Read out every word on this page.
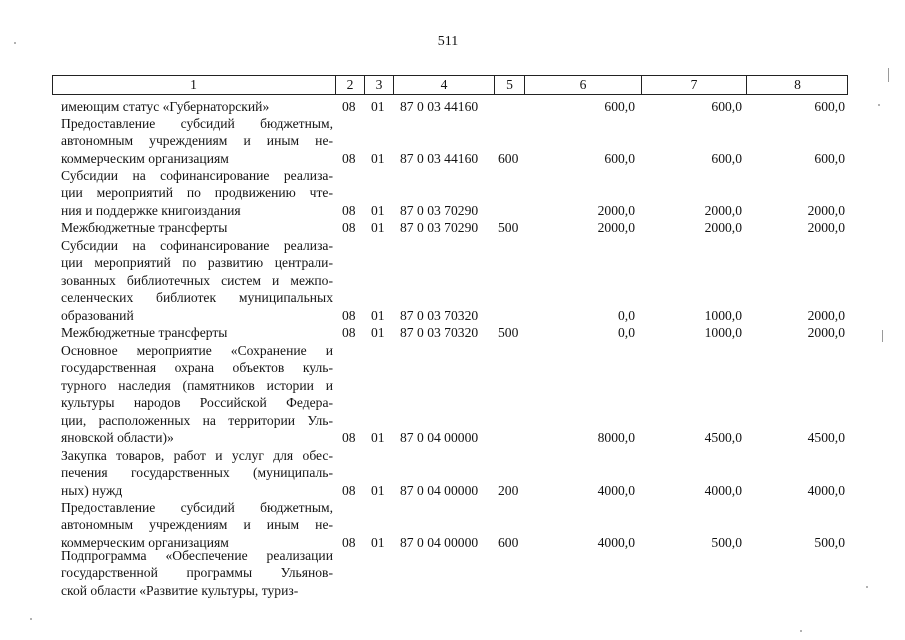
511
1	2	3	4	5	6	7	8
имеющим статус «Губернаторский»	08 01 87 0 03 44160	600,0	600,0	600,0
Предоставление субсидий бюджетным,
автономным учреждениям и иным не-
коммерческим организациям	08 01 87 0 03 44160 600	600,0	600,0	600,0
Субсидии на софинансирование реализа-
ции мероприятий по продвижению чте-
ния и поддержке книгоиздания	08 01 87 0 03 70290	2000,0	2000,0	2000,0
Межбюджетные трансферты	08 01 87 0 03 70290 500	2000,0	2000,0	2000,0
Субсидии на софинансирование реализа-
ции мероприятий по развитию централи-
зованных библиотечных систем и межпо-
селенческих библиотек муниципальных
образований	08 01 87 0 03 70320	0,0	1000,0	2000,0
Межбюджетные трансферты	08 01 87 0 03 70320 500	0,0	1000,0	2000,0
Основное мероприятие «Сохранение и
государственная охрана объектов куль-
турного наследия (памятников истории и
культуры народов Российской Федера-
ции, расположенных на территории Уль-
яновской области)»	08 01 87 0 04 00000	8000,0	4500,0	4500,0
Закупка товаров, работ и услуг для обес-
печения государственных (муниципаль-
ных) нужд	08 01 87 0 04 00000 200	4000,0	4000,0	4000,0
Предоставление субсидий бюджетным,
автономным учреждениям и иным не-
коммерческим организациям	08 01 87 0 04 00000 600	4000,0	500,0	500,0
Подпрограмма «Обеспечение реализации
государственной программы Ульянов-
ской области «Развитие культуры, туриз-
